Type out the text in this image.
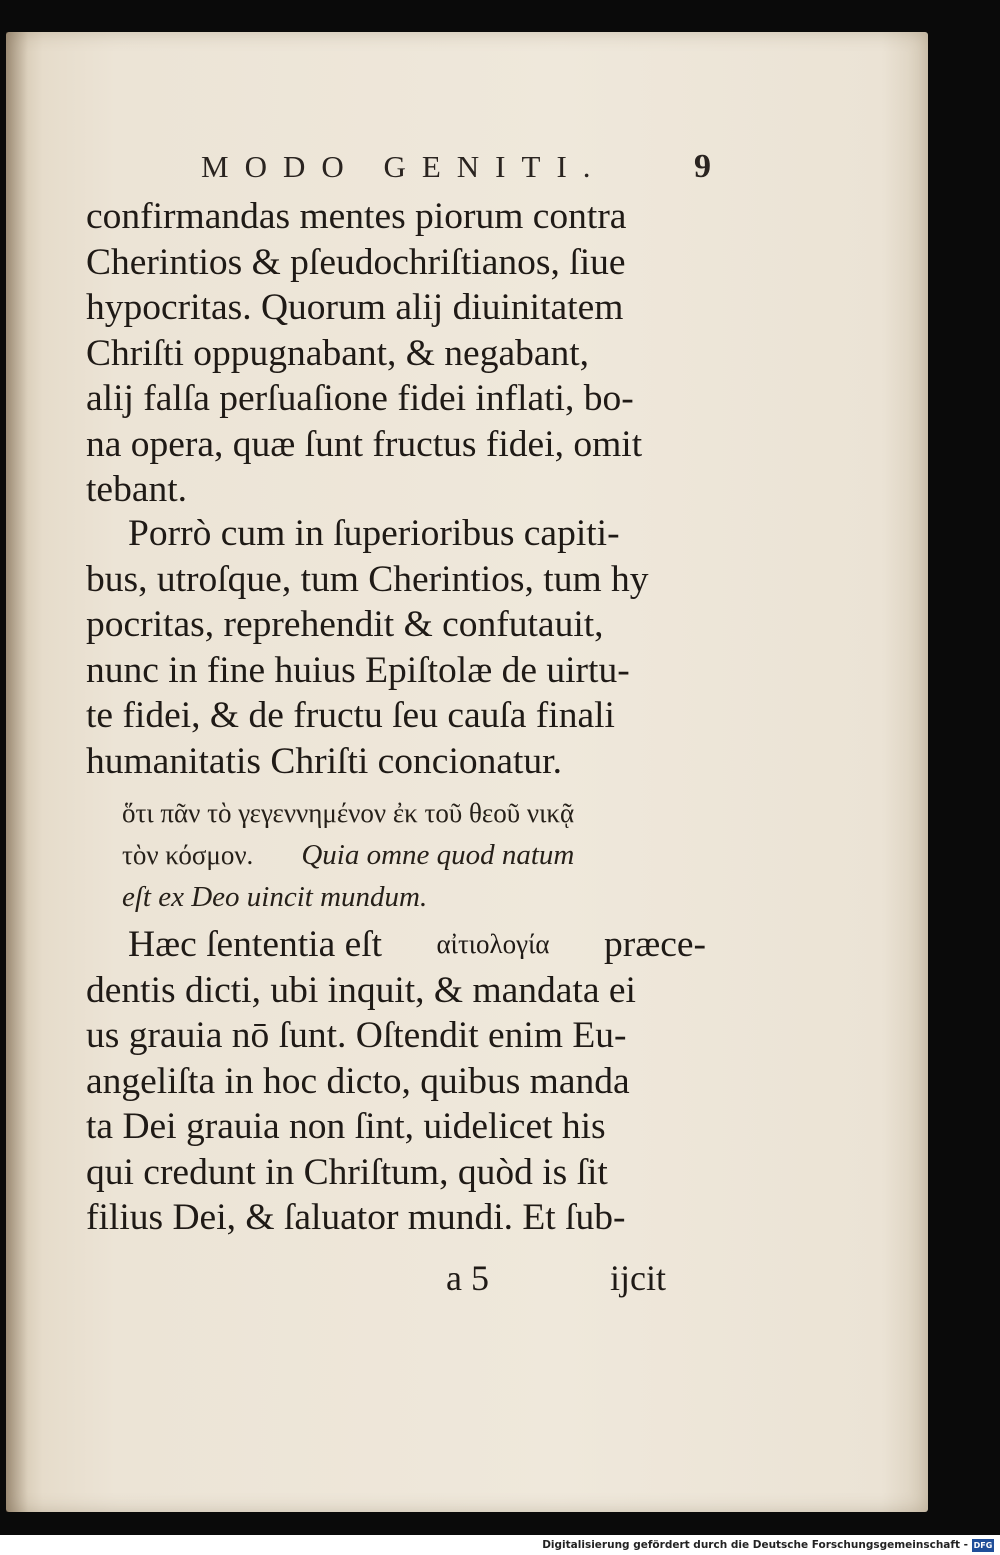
MODO GENITI.	9
confirmandas mentes piorum contra
Cherintios & pſeudochriſtianos, ſiue
hypocritas. Quorum alij diuinitatem
Chriſti oppugnabant, & negabant,
alij falſa perſuaſione fidei inflati, bo-
na opera, quæ ſunt fructus fidei, omit
tebant.
Porrò cum in ſuperioribus capiti-
bus, utroſque, tum Cherintios, tum hy
pocritas, reprehendit & confutauit,
nunc in fine huius Epiſtolæ de uirtu-
te fidei, & de fructu ſeu cauſa finali
humanitatis Chriſti concionatur.
ὅτι πᾶν τὸ γεγεννημένον ἐκ τοῦ θεοῦ νικᾷ
τὸν κόσμον. Quia omne quod natum
eſt ex Deo uincit mundum.
Hæc ſententia eſt αἰτιολογία præce-
dentis dicti, ubi inquit, & mandata ei
us grauia nō ſunt. Oſtendit enim Eu-
angeliſta in hoc dicto, quibus manda
ta Dei grauia non ſint, uidelicet his
qui credunt in Chriſtum, quòd is ſit
filius Dei, & ſaluator mundi. Et ſub-
a 5	ijcit
Digitalisierung gefördert durch die Deutsche Forschungsgemeinschaft - DFG
